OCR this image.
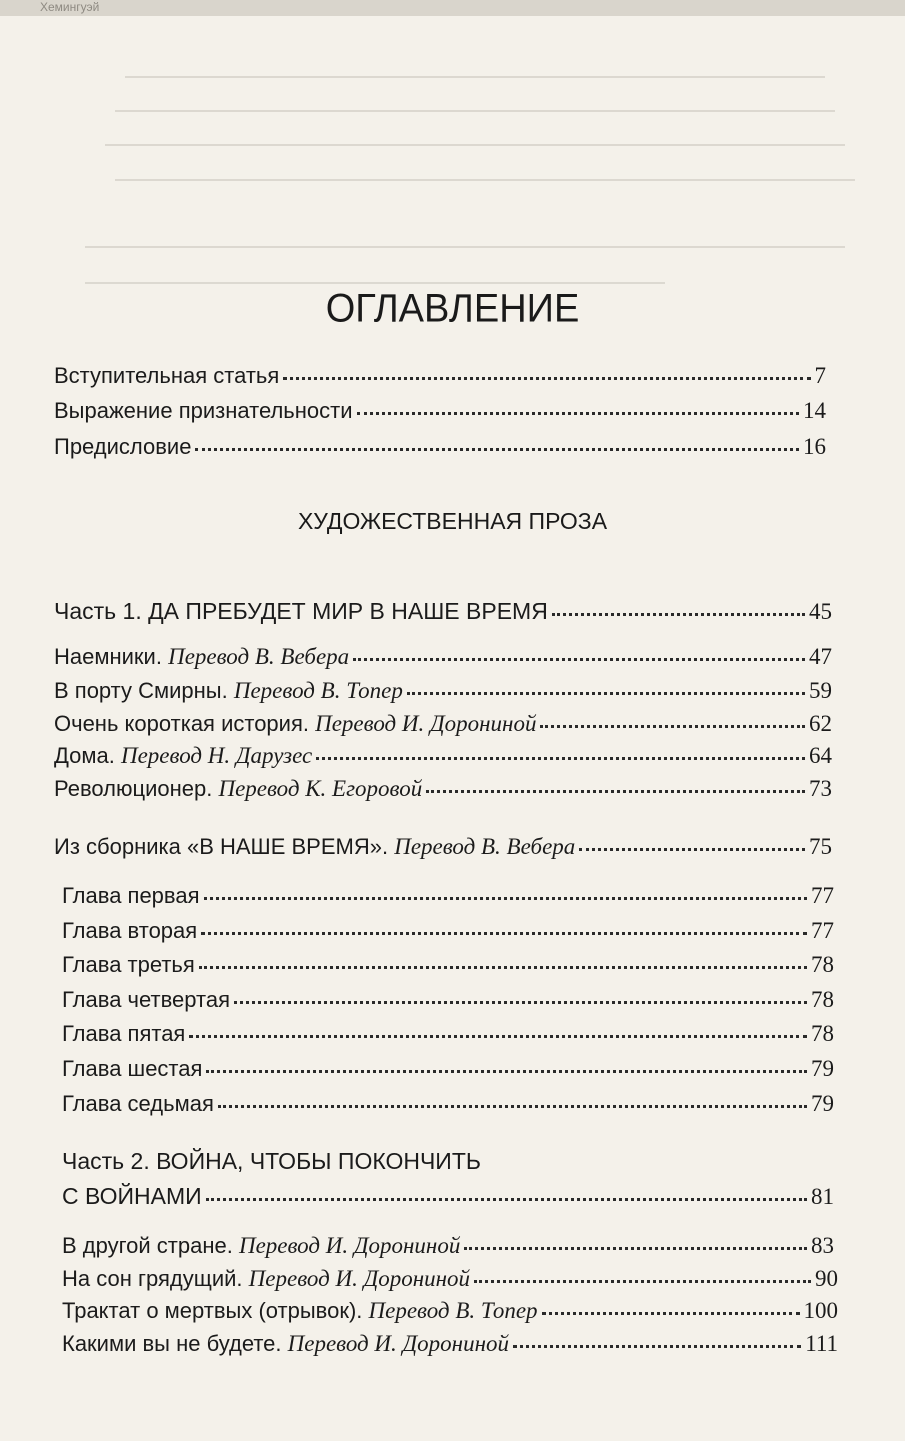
Хемингуэй
ОГЛАВЛЕНИЕ
Вступительная статья	7
Выражение признательности	14
Предисловие	16
ХУДОЖЕСТВЕННАЯ ПРОЗА
Часть 1. ДА ПРЕБУДЕТ МИР В НАШЕ ВРЕМЯ	45
Наемники. Перевод В. Вебера	47
В порту Смирны. Перевод В. Топер	59
Очень короткая история. Перевод И. Дорониной	62
Дома. Перевод Н. Дарузес	64
Революционер. Перевод К. Егоровой	73
Из сборника «В НАШЕ ВРЕМЯ». Перевод В. Вебера	75
Глава первая	77
Глава вторая	77
Глава третья	78
Глава четвертая	78
Глава пятая	78
Глава шестая	79
Глава седьмая	79
Часть 2. ВОЙНА, ЧТОБЫ ПОКОНЧИТЬ
С ВОЙНАМИ	81
В другой стране. Перевод И. Дорониной	83
На сон грядущий. Перевод И. Дорониной	90
Трактат о мертвых (отрывок). Перевод В. Топер	100
Какими вы не будете. Перевод И. Дорониной	111
